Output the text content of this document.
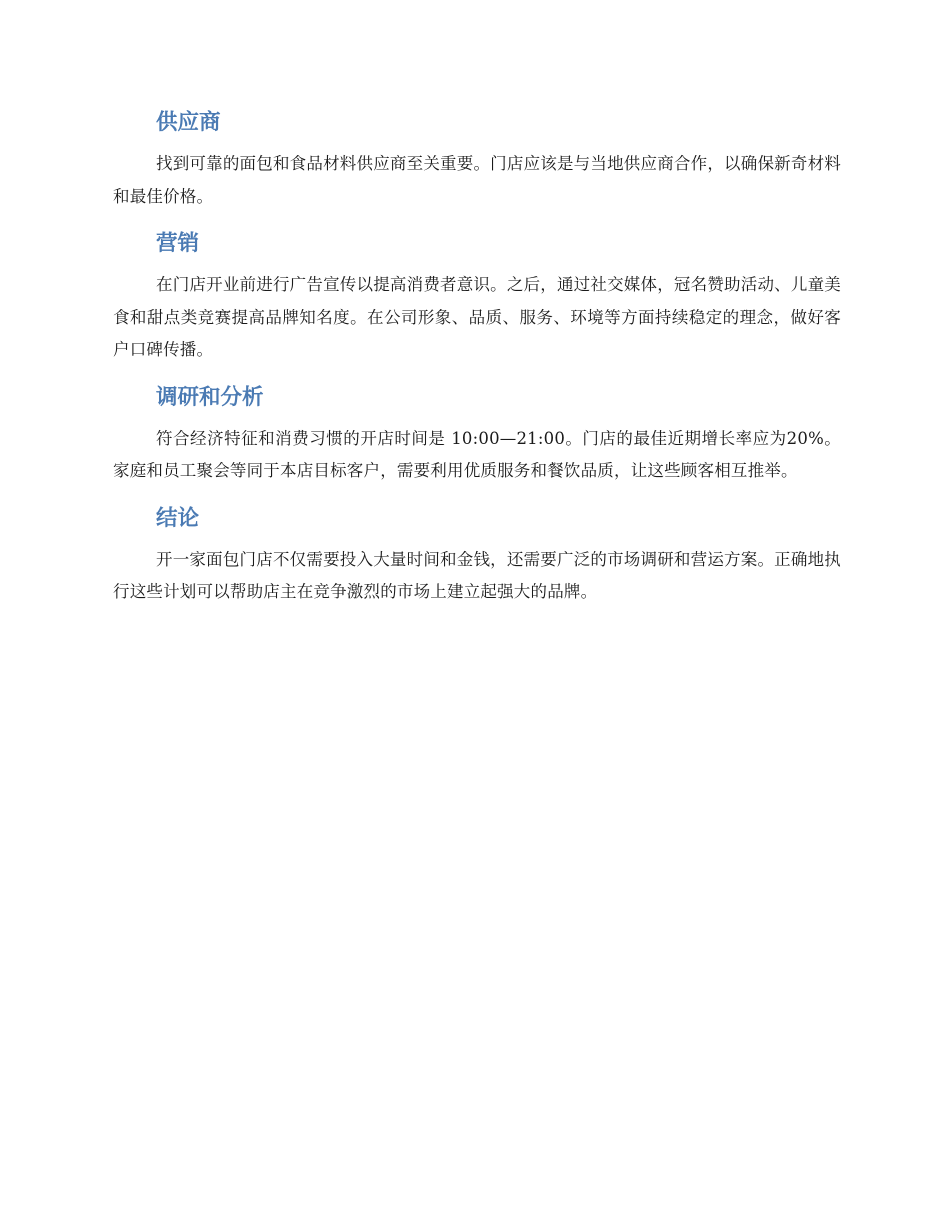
供应商

找到可靠的面包和食品材料供应商至关重要。门店应该是与当地供应商合作，以确保新奇材料和最佳价格。

营销

在门店开业前进行广告宣传以提高消费者意识。之后，通过社交媒体，冠名赞助活动、儿童美食和甜点类竞赛提高品牌知名度。在公司形象、品质、服务、环境等方面持续稳定的理念，做好客户口碑传播。

调研和分析

符合经济特征和消费习惯的开店时间是 10:00—21:00。门店的最佳近期增长率应为20%。家庭和员工聚会等同于本店目标客户，需要利用优质服务和餐饮品质，让这些顾客相互推举。

结论

开一家面包门店不仅需要投入大量时间和金钱，还需要广泛的市场调研和营运方案。正确地执行这些计划可以帮助店主在竞争激烈的市场上建立起强大的品牌。
